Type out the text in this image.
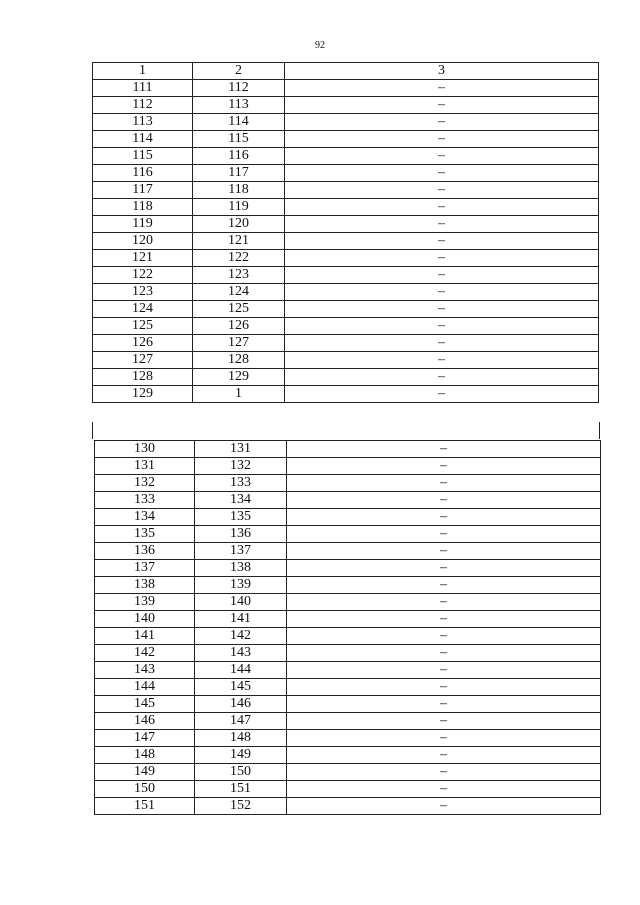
92
1	2	3
111	112	–
112	113	–
113	114	–
114	115	–
115	116	–
116	117	–
117	118	–
118	119	–
119	120	–
120	121	–
121	122	–
122	123	–
123	124	–
124	125	–
125	126	–
126	127	–
127	128	–
128	129	–
129	1	–
130	131	–
131	132	–
132	133	–
133	134	–
134	135	–
135	136	–
136	137	–
137	138	–
138	139	–
139	140	–
140	141	–
141	142	–
142	143	–
143	144	–
144	145	–
145	146	–
146	147	–
147	148	–
148	149	–
149	150	–
150	151	–
151	152	–
